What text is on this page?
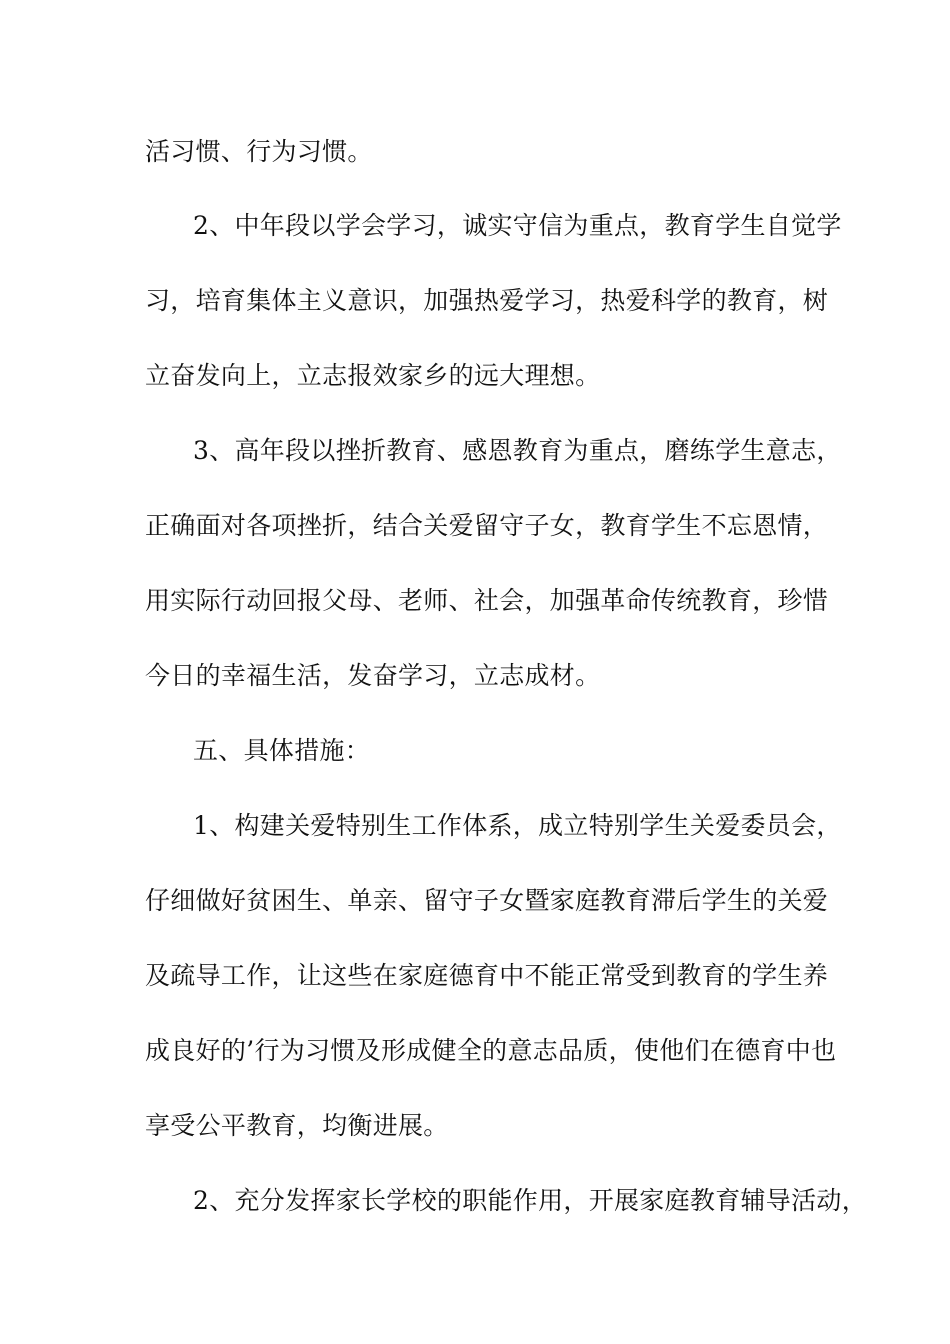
活习惯、行为习惯。
2、中年段以学会学习，诚实守信为重点，教育学生自觉学
习，培育集体主义意识，加强热爱学习，热爱科学的教育，树
立奋发向上，立志报效家乡的远大理想。
3、高年段以挫折教育、感恩教育为重点，磨练学生意志，
正确面对各项挫折，结合关爱留守子女，教育学生不忘恩情，
用实际行动回报父母、老师、社会，加强革命传统教育，珍惜
今日的幸福生活，发奋学习，立志成材。
五、具体措施：
1、构建关爱特别生工作体系，成立特别学生关爱委员会，
仔细做好贫困生、单亲、留守子女暨家庭教育滞后学生的关爱
及疏导工作，让这些在家庭德育中不能正常受到教育的学生养
成良好的’行为习惯及形成健全的意志品质，使他们在德育中也
享受公平教育，均衡进展。
2、充分发挥家长学校的职能作用，开展家庭教育辅导活动，
